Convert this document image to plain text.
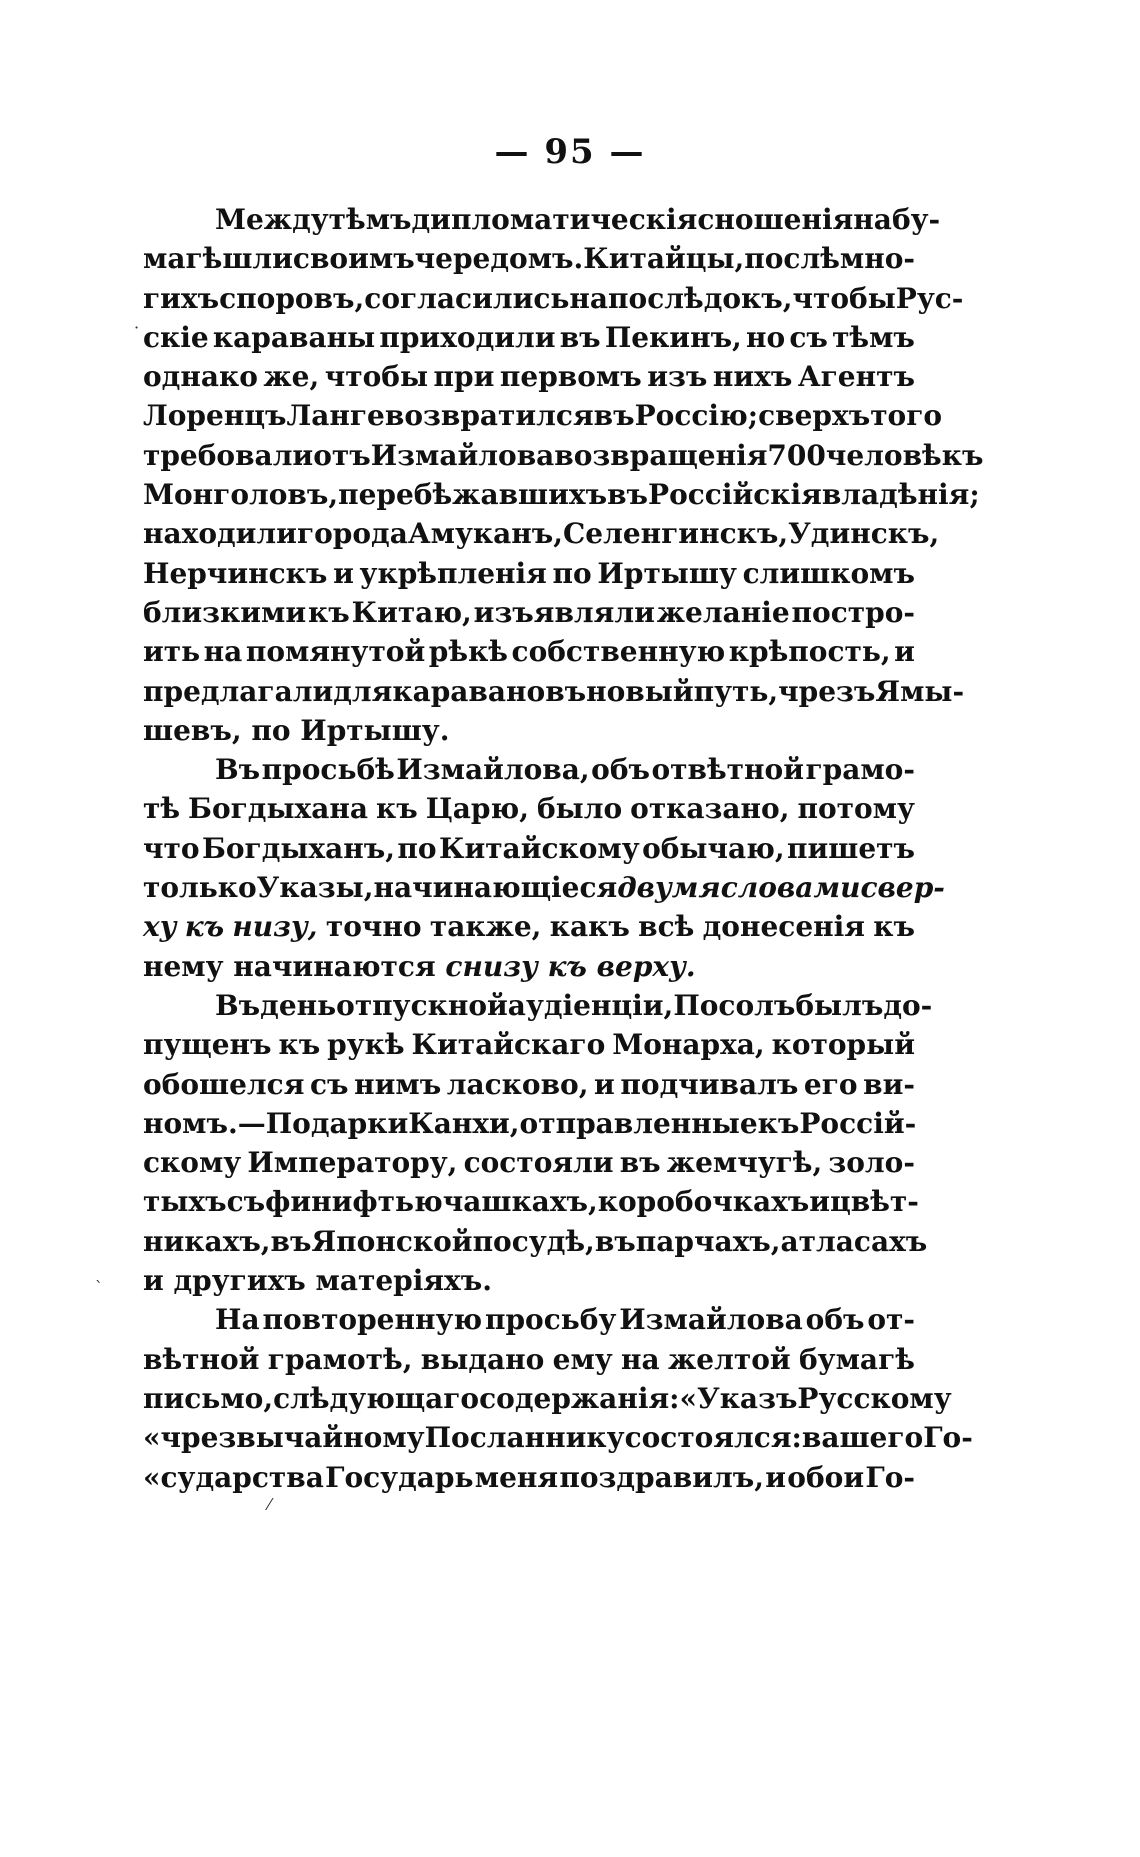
— 95 —
Между тѣмъ дипломатическія сношенія на бу-
магѣ шли своимъ чередомъ. Китайцы, послѣ мно-
гихъ споровъ, согласились напослѣдокъ, чтобы Рус-
скіе караваны приходили въ Пекинъ, но съ тѣмъ
однако же, чтобы при первомъ изъ нихъ Агентъ
Лоренцъ Ланге возвратился въ Россію; сверхъ того
требовали отъ Измайлова возвращенія 700 человѣкъ
Монголовъ, перебѣжавшихъ въ Россійскія владѣнія;
находили города Амуканъ, Селенгинскъ, Удинскъ,
Нерчинскъ и укрѣпленія по Иртышу слишкомъ
близкими къ Китаю, изъявляли желаніе постро-
ить на помянутой рѣкѣ собственную крѣпость, и
предлагали для каравановъ новый путь, чрезъ Ямы-
шевъ, по Иртышу.
Въ просьбѣ Измайлова, объ отвѣтной грамо-
тѣ Богдыхана къ Царю, было отказано, потому
что Богдыханъ, по Китайскому обычаю, пишетъ
только Указы, начинающіеся двумя словами свер-
ху къ низу, точно также, какъ всѣ донесенія къ
нему начинаются снизу къ верху.
Въ день отпускной аудіенціи, Посолъ былъ до-
пущенъ къ рукѣ Китайскаго Монарха, который
обошелся съ нимъ ласково, и подчивалъ его ви-
номъ. — Подарки Канхи, отправленные къ Россій-
скому Императору, состояли въ жемчугѣ, золо-
тыхъ съ финифтью чашкахъ, коробочкахъ и цвѣт-
никахъ, въ Японской посудѣ, въ парчахъ, атласахъ
и другихъ матеріяхъ.
На повторенную просьбу Измайлова объ от-
вѣтной грамотѣ, выдано ему на желтой бумагѣ
письмо, слѣдующаго содержанія: «Указъ Русскому
«чрезвычайному Посланнику состоялся: вашего Го-
«сударства Государь меня поздравилъ, и обои Го-
·
ˋ
⁄
